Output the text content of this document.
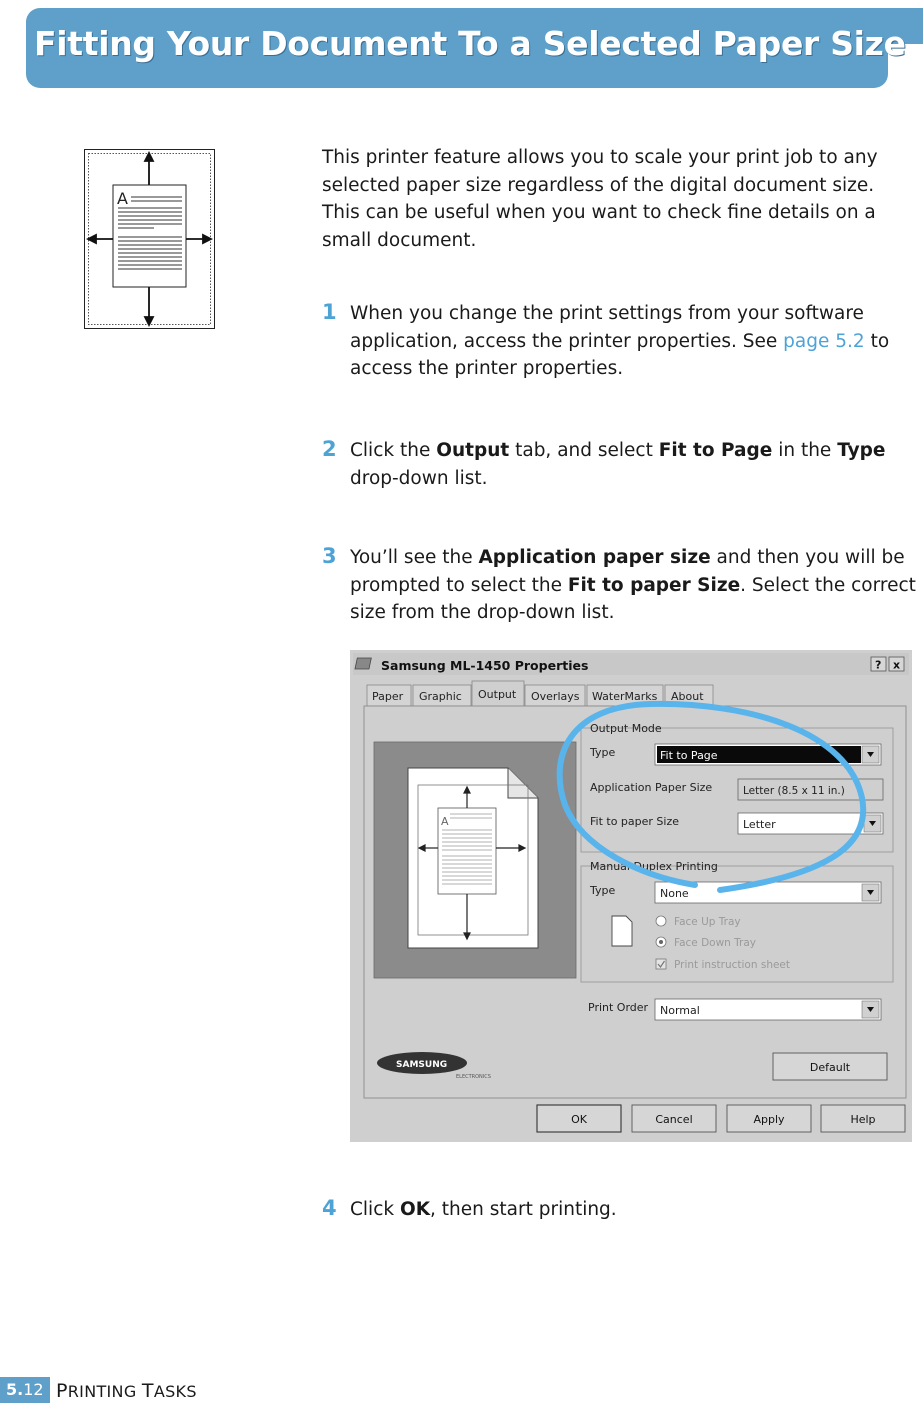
Fitting Your Document To a Selected Paper Size
A

This printer feature allows you to scale your print job to any selected paper size regardless of the digital document size. This can be useful when you want to check fine details on a small document.

1 When you change the print settings from your software application, access the printer properties. See page 5.2 to access the printer properties.

2 Click the Output tab, and select Fit to Page in the Type drop-down list.

3 You’ll see the Application paper size and then you will be prompted to select the Fit to paper Size. Select the correct size from the drop-down list.

Samsung ML-1450 Properties	? x
Paper Graphic Output Overlays WaterMarks About
A
Output Mode
Type	Fit to Page
Application Paper Size	Letter (8.5 x 11 in.)
Fit to paper Size	Letter
Manual Duplex Printing
Type	None
Face Up Tray
Face Down Tray
Print instruction sheet
Print Order Normal
SAMSUNG
ELECTRONICS
Default
OK	Cancel	Apply	Help
4 Click OK, then start printing.

5.12 PRINTING TASKS
